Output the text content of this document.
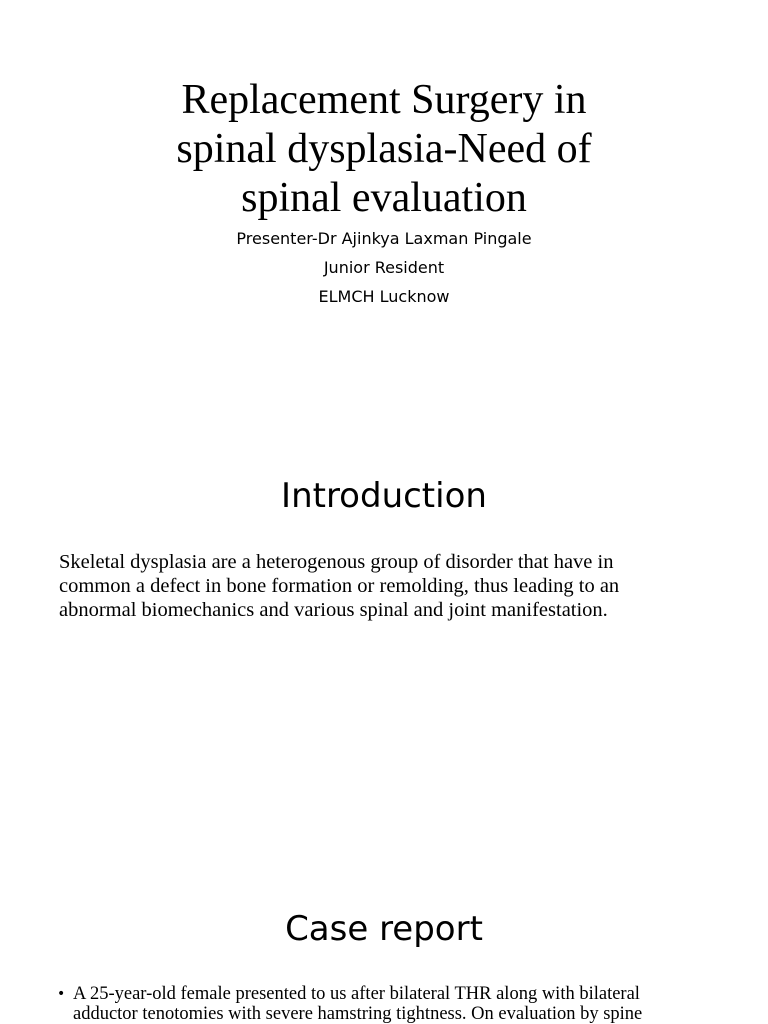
Replacement Surgery in
spinal dysplasia-Need of
spinal evaluation

Presenter-Dr Ajinkya Laxman Pingale

Junior Resident

ELMCH Lucknow

Introduction

Skeletal dysplasia are a heterogenous group of disorder that have in
common a defect in bone formation or remolding, thus leading to an
abnormal biomechanics and various spinal and joint manifestation.

Case report
• A 25-year-old female presented to us after bilateral THR along with bilateral
adductor tenotomies with severe hamstring tightness. On evaluation by spine
